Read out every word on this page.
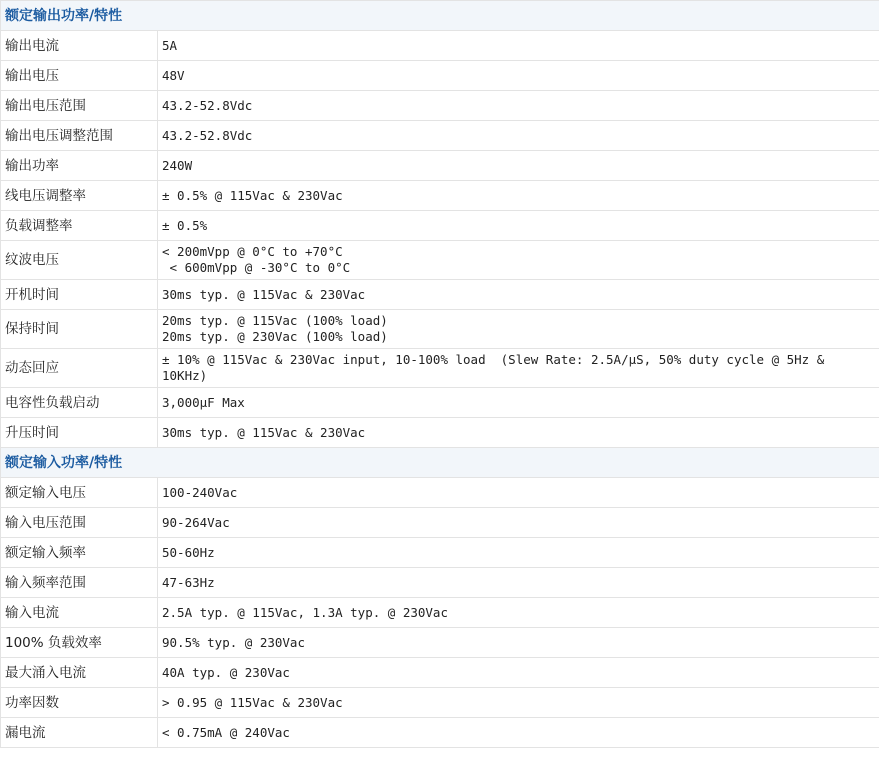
额定输出功率/特性	
输出电流	5A
输出电压	48V
输出电压范围	43.2-52.8Vdc
输出电压调整范围	43.2-52.8Vdc
输出功率	240W
线电压调整率	± 0.5% @ 115Vac & 230Vac
负载调整率	± 0.5%
纹波电压	< 200mVpp @ 0°C to +70°C
< 600mVpp @ -30°C to 0°C
开机时间	30ms typ. @ 115Vac & 230Vac
保持时间	20ms typ. @ 115Vac (100% load)
20ms typ. @ 230Vac (100% load)
动态回应	± 10% @ 115Vac & 230Vac input, 10-100% load  (Slew Rate: 2.5A/μS, 50% duty cycle @ 5Hz & 10KHz)
电容性负载启动	3,000μF Max
升压时间	30ms typ. @ 115Vac & 230Vac
额定输入功率/特性	
额定输入电压	100-240Vac
输入电压范围	90-264Vac
额定输入频率	50-60Hz
输入频率范围	47-63Hz
输入电流	2.5A typ. @ 115Vac, 1.3A typ. @ 230Vac
100% 负载效率	90.5% typ. @ 230Vac
最大涌入电流	40A typ. @ 230Vac
功率因数	> 0.95 @ 115Vac & 230Vac
漏电流	< 0.75mA @ 240Vac
